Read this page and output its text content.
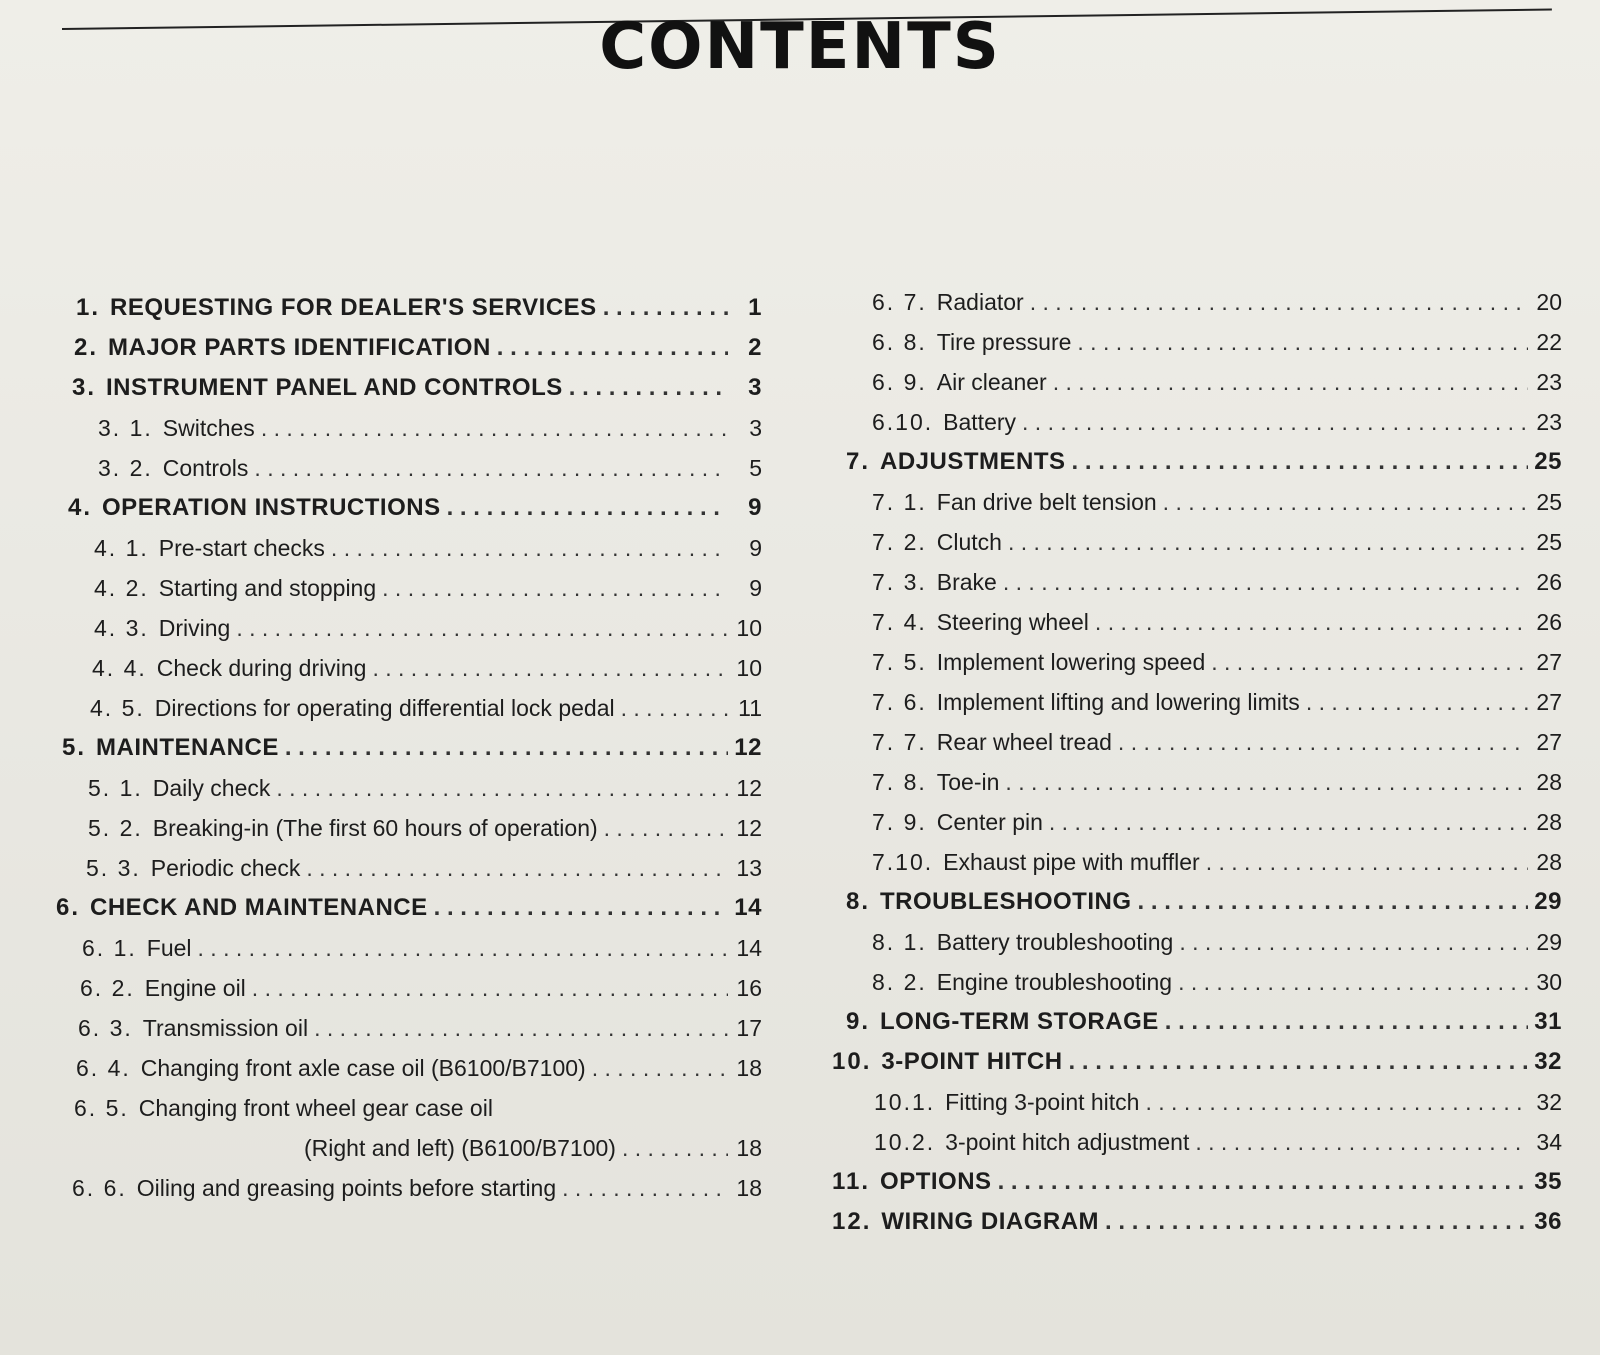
CONTENTS
1. REQUESTING FOR DEALER'S SERVICES . . .	1
2. MAJOR PARTS IDENTIFICATION . . .	2
3. INSTRUMENT PANEL AND CONTROLS . . .	3
3. 1. Switches . . .	3
3. 2. Controls . . .	5
4. OPERATION INSTRUCTIONS . . .	9
4. 1. Pre-start checks . . .	9
4. 2. Starting and stopping . . .	9
4. 3. Driving . . .	10
4. 4. Check during driving . . .	10
4. 5. Directions for operating differential lock pedal . . .	11
5. MAINTENANCE . . .	12
5. 1. Daily check . . .	12
5. 2. Breaking-in (The first 60 hours of operation) . . .	12
5. 3. Periodic check . . .	13
6. CHECK AND MAINTENANCE . . .	14
6. 1. Fuel . . .	14
6. 2. Engine oil . . .	16
6. 3. Transmission oil . . .	17
6. 4. Changing front axle case oil (B6100/B7100) . . .	18
6. 5. Changing front wheel gear case oil
(Right and left) (B6100/B7100) . . .	18
6. 6. Oiling and greasing points before starting . . .	18
6. 7. Radiator . . .	20
6. 8. Tire pressure . . .	22
6. 9. Air cleaner . . .	23
6.10. Battery . . .	23
7. ADJUSTMENTS . . .	25
7. 1. Fan drive belt tension . . .	25
7. 2. Clutch . . .	25
7. 3. Brake . . .	26
7. 4. Steering wheel . . .	26
7. 5. Implement lowering speed . . .	27
7. 6. Implement lifting and lowering limits . . .	27
7. 7. Rear wheel tread . . .	27
7. 8. Toe-in . . .	28
7. 9. Center pin . . .	28
7.10. Exhaust pipe with muffler . . .	28
8. TROUBLESHOOTING . . .	29
8. 1. Battery troubleshooting . . .	29
8. 2. Engine troubleshooting . . .	30
9. LONG-TERM STORAGE . . .	31
10. 3-POINT HITCH . . .	32
10.1. Fitting 3-point hitch . . .	32
10.2. 3-point hitch adjustment . . .	34
11. OPTIONS . . .	35
12. WIRING DIAGRAM . . .	36
